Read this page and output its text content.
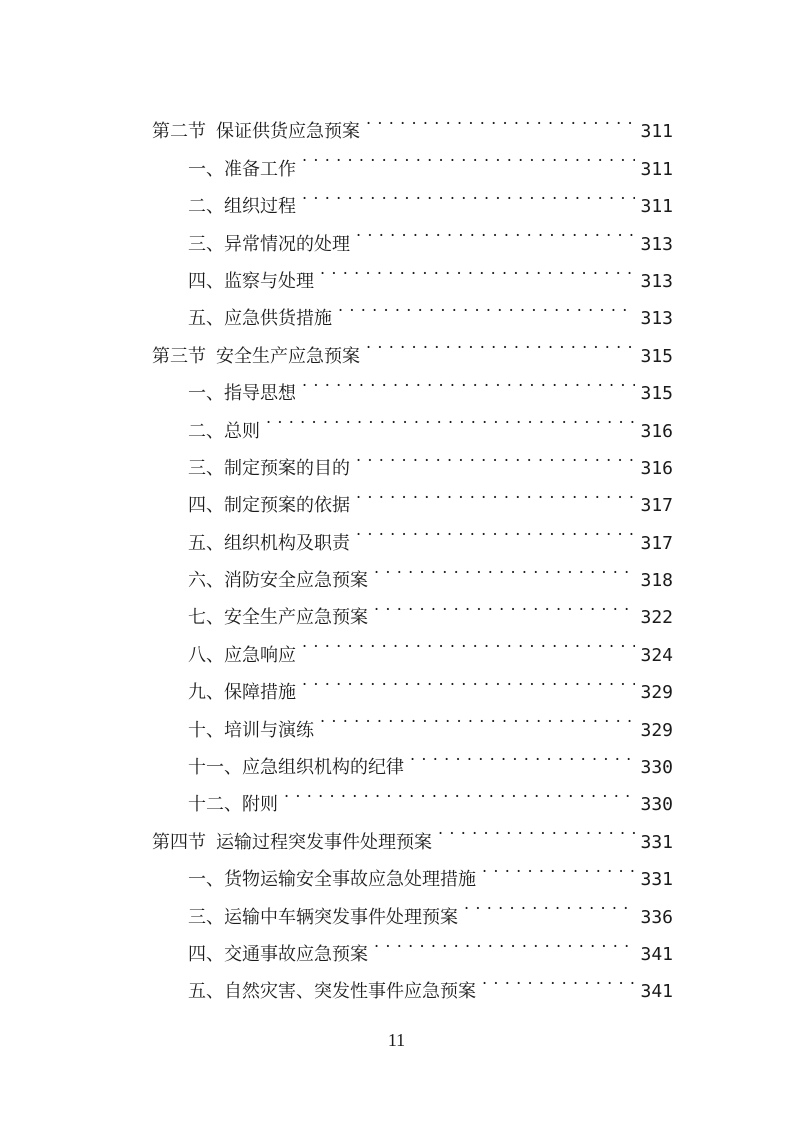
第二节 保证供货应急预案 . . .	311
一、准备工作 . . .	311
二、组织过程 . . .	311
三、异常情况的处理 . . .	313
四、监察与处理 . . .	313
五、应急供货措施 . . .	313
第三节 安全生产应急预案 . . .	315
一、指导思想 . . .	315
二、总则 . . .	316
三、制定预案的目的 . . .	316
四、制定预案的依据 . . .	317
五、组织机构及职责 . . .	317
六、消防安全应急预案 . . .	318
七、安全生产应急预案 . . .	322
八、应急响应 . . .	324
九、保障措施 . . .	329
十、培训与演练 . . .	329
十一、应急组织机构的纪律 . . .	330
十二、附则 . . .	330
第四节 运输过程突发事件处理预案 . . .	331
一、货物运输安全事故应急处理措施 . . .	331
三、运输中车辆突发事件处理预案 . . .	336
四、交通事故应急预案 . . .	341
五、自然灾害、突发性事件应急预案 . . .	341
11
